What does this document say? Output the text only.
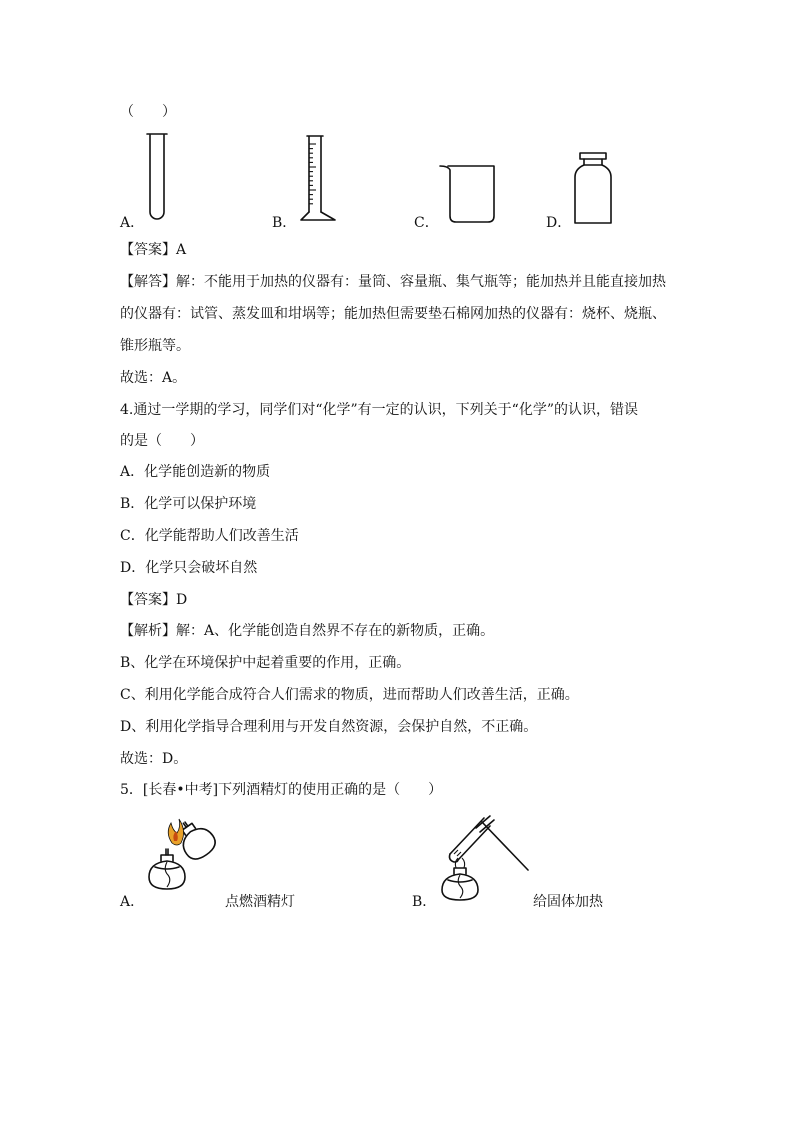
（　　）
A．	B．	C．	D．
【答案】A
【解答】解：不能用于加热的仪器有：量筒、容量瓶、集气瓶等；能加热并且能直接加热
的仪器有：试管、蒸发皿和坩埚等；能加热但需要垫石棉网加热的仪器有：烧杯、烧瓶、
锥形瓶等。
故选：A。
4.通过一学期的学习，同学们对“化学”有一定的认识，下列关于“化学”的认识，错误
的是（　　）
A．化学能创造新的物质
B．化学可以保护环境
C．化学能帮助人们改善生活
D．化学只会破坏自然
【答案】D
【解析】解：A、化学能创造自然界不存在的新物质，正确。
B、化学在环境保护中起着重要的作用，正确。
C、利用化学能合成符合人们需求的物质，进而帮助人们改善生活，正确。
D、利用化学指导合理利用与开发自然资源，会保护自然，不正确。
故选：D。
5．[长春•中考]下列酒精灯的使用正确的是（　　）
A．	点燃酒精灯	B．	给固体加热
